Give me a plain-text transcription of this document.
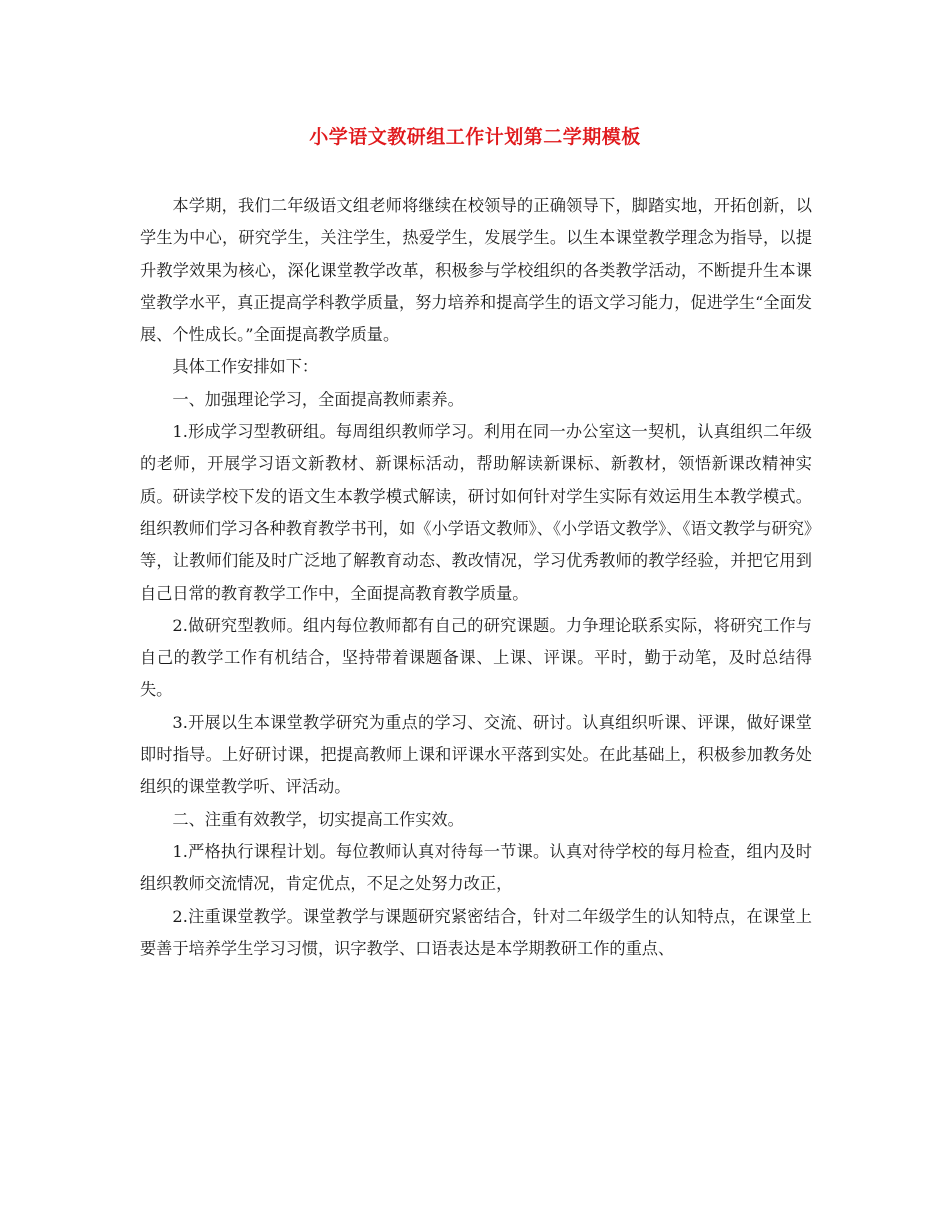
小学语文教研组工作计划第二学期模板

本学期，我们二年级语文组老师将继续在校领导的正确领导下，脚踏实地，开拓创新，以学生为中心，研究学生，关注学生，热爱学生，发展学生。以生本课堂教学理念为指导，以提升教学效果为核心，深化课堂教学改革，积极参与学校组织的各类教学活动，不断提升生本课堂教学水平，真正提高学科教学质量，努力培养和提高学生的语文学习能力，促进学生“全面发展、个性成长。”全面提高教学质量。

具体工作安排如下：

一、加强理论学习，全面提高教师素养。

1.形成学习型教研组。每周组织教师学习。利用在同一办公室这一契机，认真组织二年级的老师，开展学习语文新教材、新课标活动，帮助解读新课标、新教材，领悟新课改精神实质。研读学校下发的语文生本教学模式解读，研讨如何针对学生实际有效运用生本教学模式。组织教师们学习各种教育教学书刊，如《小学语文教师》、《小学语文教学》、《语文教学与研究》等，让教师们能及时广泛地了解教育动态、教改情况，学习优秀教师的教学经验，并把它用到自己日常的教育教学工作中，全面提高教育教学质量。

2.做研究型教师。组内每位教师都有自己的研究课题。力争理论联系实际，将研究工作与自己的教学工作有机结合，坚持带着课题备课、上课、评课。平时，勤于动笔，及时总结得失。

3.开展以生本课堂教学研究为重点的学习、交流、研讨。认真组织听课、评课，做好课堂即时指导。上好研讨课，把提高教师上课和评课水平落到实处。在此基础上，积极参加教务处组织的课堂教学听、评活动。

二、注重有效教学，切实提高工作实效。

1.严格执行课程计划。每位教师认真对待每一节课。认真对待学校的每月检查，组内及时组织教师交流情况，肯定优点，不足之处努力改正，

2.注重课堂教学。课堂教学与课题研究紧密结合，针对二年级学生的认知特点，在课堂上要善于培养学生学习习惯，识字教学、口语表达是本学期教研工作的重点、
